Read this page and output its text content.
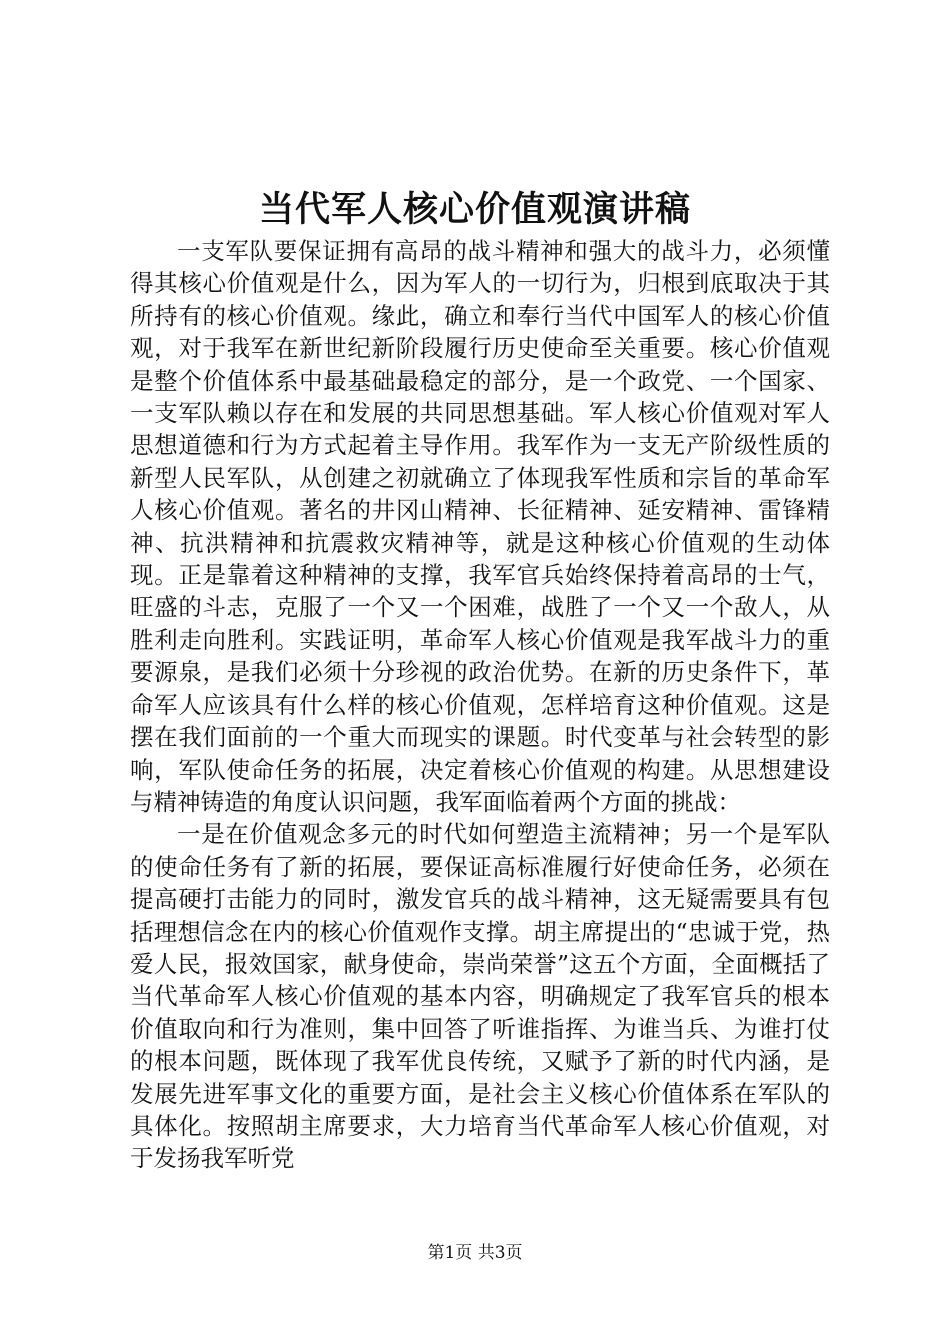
当代军人核心价值观演讲稿

一支军队要保证拥有高昂的战斗精神和强大的战斗力，必须懂得其核心价值观是什么，因为军人的一切行为，归根到底取决于其所持有的核心价值观。缘此，确立和奉行当代中国军人的核心价值观，对于我军在新世纪新阶段履行历史使命至关重要。核心价值观是整个价值体系中最基础最稳定的部分，是一个政党、一个国家、一支军队赖以存在和发展的共同思想基础。军人核心价值观对军人思想道德和行为方式起着主导作用。我军作为一支无产阶级性质的新型人民军队，从创建之初就确立了体现我军性质和宗旨的革命军人核心价值观。著名的井冈山精神、长征精神、延安精神、雷锋精神、抗洪精神和抗震救灾精神等，就是这种核心价值观的生动体现。正是靠着这种精神的支撑，我军官兵始终保持着高昂的士气，旺盛的斗志，克服了一个又一个困难，战胜了一个又一个敌人，从胜利走向胜利。实践证明，革命军人核心价值观是我军战斗力的重要源泉，是我们必须十分珍视的政治优势。在新的历史条件下，革命军人应该具有什么样的核心价值观，怎样培育这种价值观。这是摆在我们面前的一个重大而现实的课题。时代变革与社会转型的影响，军队使命任务的拓展，决定着核心价值观的构建。从思想建设与精神铸造的角度认识问题，我军面临着两个方面的挑战：

一是在价值观念多元的时代如何塑造主流精神；另一个是军队的使命任务有了新的拓展，要保证高标准履行好使命任务，必须在提高硬打击能力的同时，激发官兵的战斗精神，这无疑需要具有包括理想信念在内的核心价值观作支撑。胡主席提出的“忠诚于党，热爱人民，报效国家，献身使命，崇尚荣誉”这五个方面，全面概括了当代革命军人核心价值观的基本内容，明确规定了我军官兵的根本价值取向和行为准则，集中回答了听谁指挥、为谁当兵、为谁打仗的根本问题，既体现了我军优良传统，又赋予了新的时代内涵，是发展先进军事文化的重要方面，是社会主义核心价值体系在军队的具体化。按照胡主席要求，大力培育当代革命军人核心价值观，对于发扬我军听党

第1页 共3页
